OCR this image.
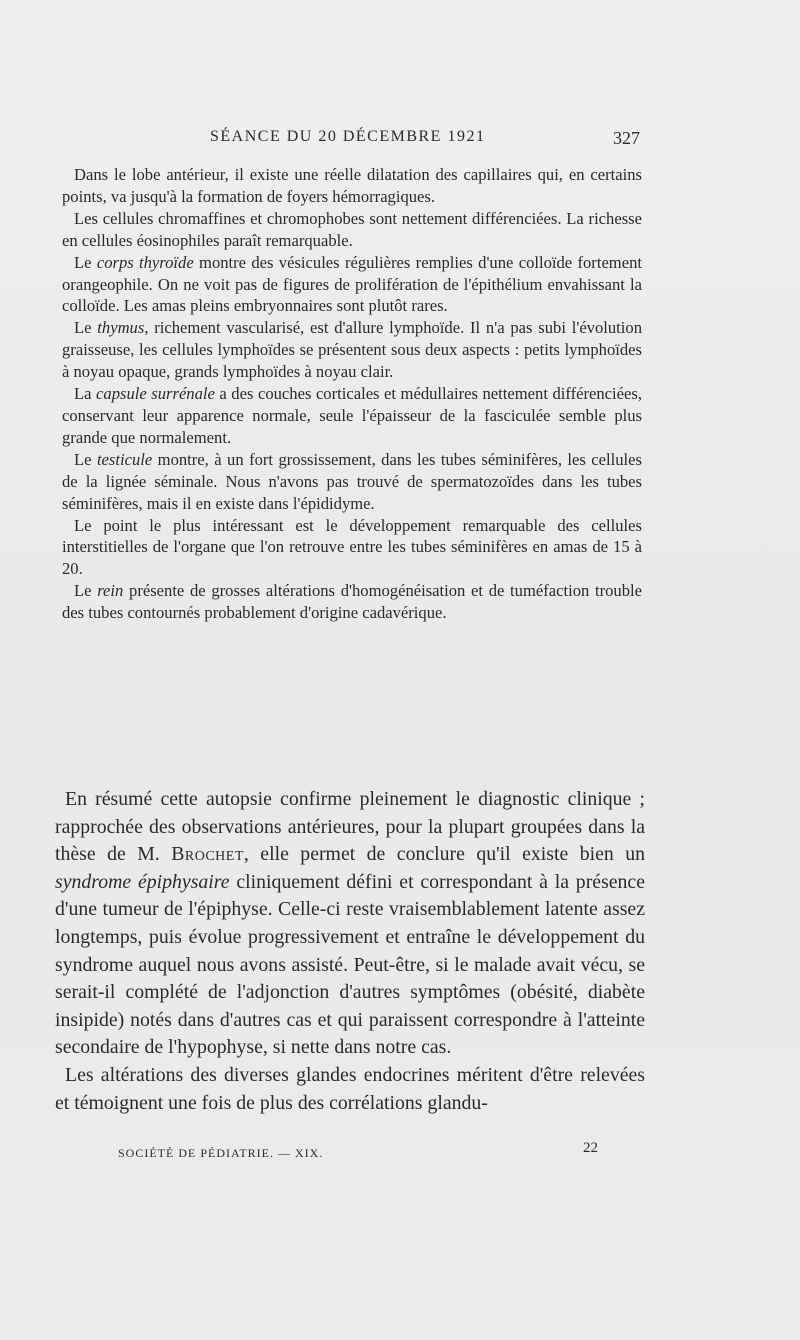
SÉANCE DU 20 DÉCEMBRE 1921	327

Dans le lobe antérieur, il existe une réelle dilatation des capillaires qui, en certains points, va jusqu'à la formation de foyers hémorragiques.

Les cellules chromaffines et chromophobes sont nettement différenciées. La richesse en cellules éosinophiles paraît remarquable.

Le corps thyroïde montre des vésicules régulières remplies d'une colloïde fortement orangeophile. On ne voit pas de figures de prolifération de l'épithélium envahissant la colloïde. Les amas pleins embryonnaires sont plutôt rares.

Le thymus, richement vascularisé, est d'allure lymphoïde. Il n'a pas subi l'évolution graisseuse, les cellules lymphoïdes se présentent sous deux aspects : petits lymphoïdes à noyau opaque, grands lymphoïdes à noyau clair.

La capsule surrénale a des couches corticales et médullaires nettement différenciées, conservant leur apparence normale, seule l'épaisseur de la fasciculée semble plus grande que normalement.

Le testicule montre, à un fort grossissement, dans les tubes séminifères, les cellules de la lignée séminale. Nous n'avons pas trouvé de spermatozoïdes dans les tubes séminifères, mais il en existe dans l'épididyme.

Le point le plus intéressant est le développement remarquable des cellules interstitielles de l'organe que l'on retrouve entre les tubes séminifères en amas de 15 à 20.

Le rein présente de grosses altérations d'homogénéisation et de tuméfaction trouble des tubes contournés probablement d'origine cadavérique.

En résumé cette autopsie confirme pleinement le diagnostic clinique ; rapprochée des observations antérieures, pour la plupart groupées dans la thèse de M. Brochet, elle permet de conclure qu'il existe bien un syndrome épiphysaire cliniquement défini et correspondant à la présence d'une tumeur de l'épiphyse. Celle-ci reste vraisemblablement latente assez longtemps, puis évolue progressivement et entraîne le développement du syndrome auquel nous avons assisté. Peut-être, si le malade avait vécu, se serait-il complété de l'adjonction d'autres symptômes (obésité, diabète insipide) notés dans d'autres cas et qui paraissent correspondre à l'atteinte secondaire de l'hypophyse, si nette dans notre cas.

Les altérations des diverses glandes endocrines méritent d'être relevées et témoignent une fois de plus des corrélations glandu-

SOCIÉTÉ DE PÉDIATRIE. — XIX.	22
